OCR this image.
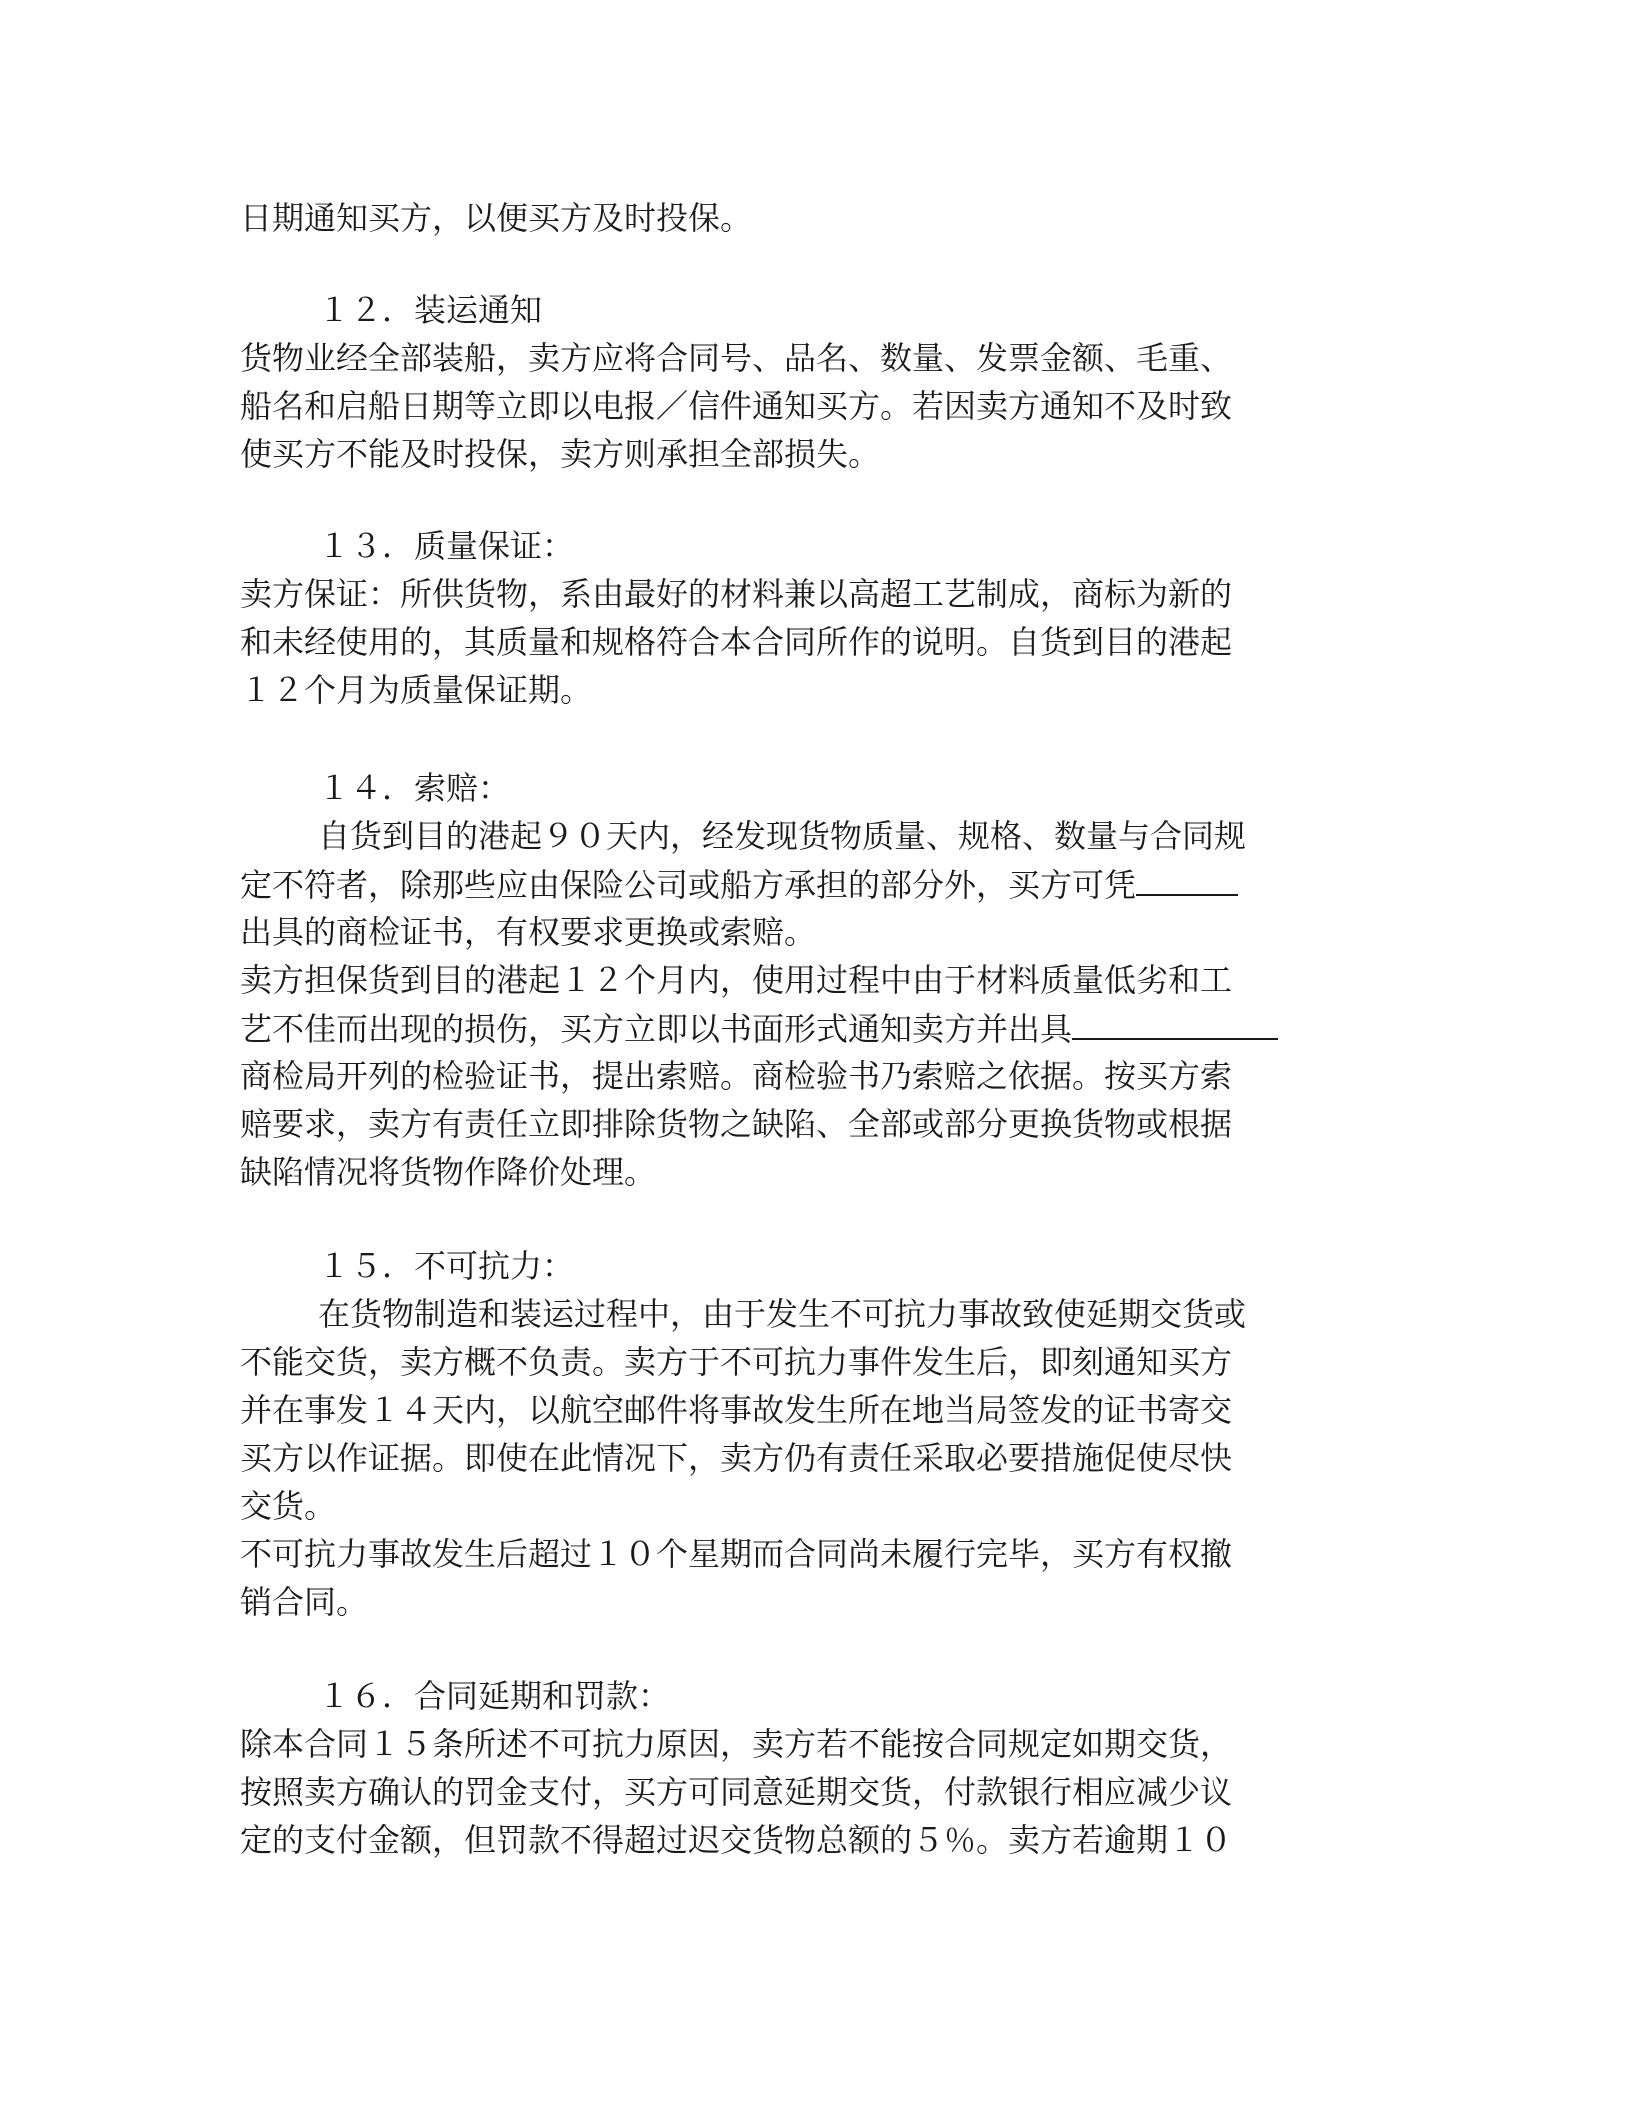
日期通知买方，以便买方及时投保。
１２．装运通知
货物业经全部装船，卖方应将合同号、品名、数量、发票金额、毛重、
船名和启船日期等立即以电报／信件通知买方。若因卖方通知不及时致
使买方不能及时投保，卖方则承担全部损失。
１３．质量保证：
卖方保证：所供货物，系由最好的材料兼以高超工艺制成，商标为新的
和未经使用的，其质量和规格符合本合同所作的说明。自货到目的港起
１２个月为质量保证期。
１４．索赔：
自货到目的港起９０天内，经发现货物质量、规格、数量与合同规
定不符者，除那些应由保险公司或船方承担的部分外，买方可凭
出具的商检证书，有权要求更换或索赔。
卖方担保货到目的港起１２个月内，使用过程中由于材料质量低劣和工
艺不佳而出现的损伤，买方立即以书面形式通知卖方并出具
商检局开列的检验证书，提出索赔。商检验书乃索赔之依据。按买方索
赔要求，卖方有责任立即排除货物之缺陷、全部或部分更换货物或根据
缺陷情况将货物作降价处理。
１５．不可抗力：
在货物制造和装运过程中，由于发生不可抗力事故致使延期交货或
不能交货，卖方概不负责。卖方于不可抗力事件发生后，即刻通知买方
并在事发１４天内，以航空邮件将事故发生所在地当局签发的证书寄交
买方以作证据。即使在此情况下，卖方仍有责任采取必要措施促使尽快
交货。
不可抗力事故发生后超过１０个星期而合同尚未履行完毕，买方有权撤
销合同。
１６．合同延期和罚款：
除本合同１５条所述不可抗力原因，卖方若不能按合同规定如期交货，
按照卖方确认的罚金支付，买方可同意延期交货，付款银行相应减少议
定的支付金额，但罚款不得超过迟交货物总额的５％。卖方若逾期１０
